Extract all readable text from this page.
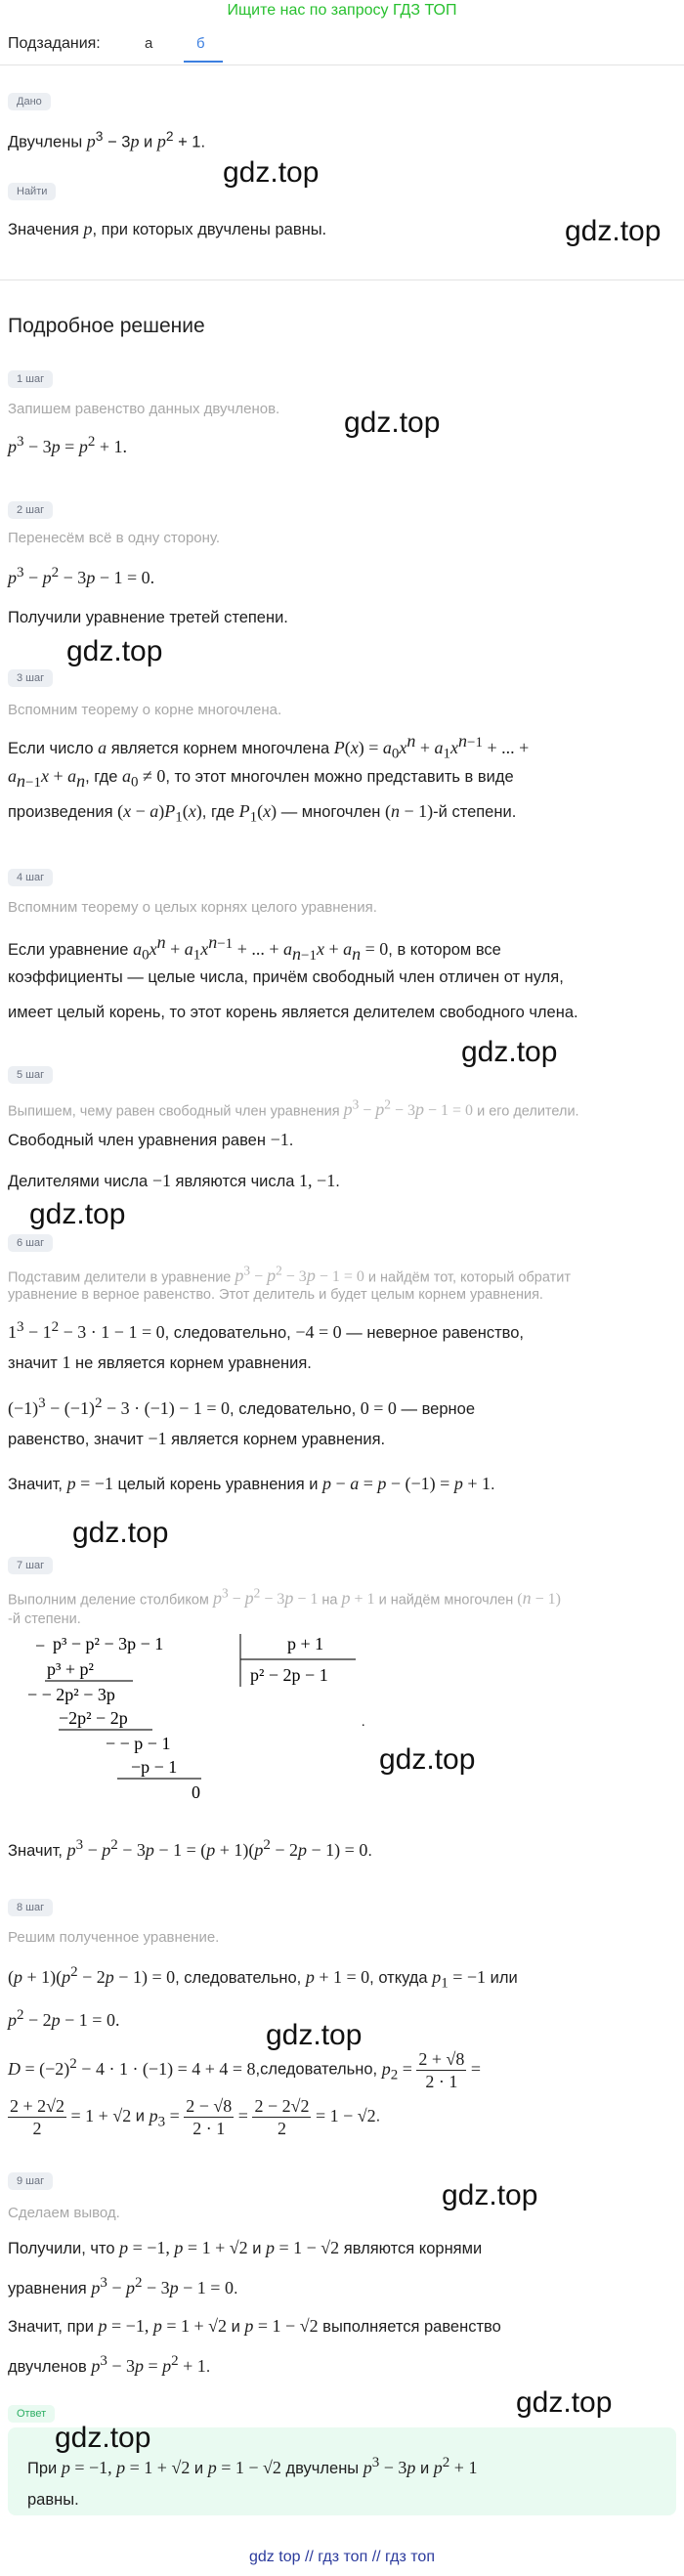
Ищите нас по запросу ГДЗ ТОП
Подзадания:	а	б
Дано
Двучлены $p^3 - 3p$ и $p^2 + 1$.
gdz.top
Найти
Значения p, при которых двучлены равны.	gdz.top
Подробное решение
1 шаг
Запишем равенство данных двучленов. gdz.top
$p^3 - 3p = p^2 + 1$.
2 шаг
Перенесём всё в одну сторону.
$p^3 - p^2 - 3p - 1 = 0$.
Получили уравнение третей степени.
gdz.top
3 шаг
Вспомним теорему о корне многочлена.
Если число a является корнем многочлена $P(x) = a_0x^n + a_1x^{n-1}$ + ... +
$a_{n-1}x + a_n$, где $a_0 \ne 0$, то этот многочлен можно представить в виде
произведения $(x - a)P_1(x)$, где $P_1(x)$ — многочлен (n − 1)-й степени.
4 шаг
Вспомним теорему о целых корнях целого уравнения.
Если уравнение $a_0x^n + a_1x^{n-1}$ + ... + $a_{n-1}x + a_n = 0$, в котором все
коэффициенты — целые числа, причём свободный член отличен от нуля,
имеет целый корень, то этот корень является делителем свободного члена.
gdz.top
5 шаг
Выпишем, чему равен свободный член уравнения $p^3 - p^2 - 3p - 1 = 0$ и его делители.
Свободный член уравнения равен −1.
Делителями числа −1 являются числа 1, −1.
gdz.top
6 шаг
Подставим делители в уравнение $p^3 - p^2 - 3p - 1 = 0$ и найдём тот, который обратит
уравнение в верное равенство. Этот делитель и будет целым корнем уравнения.
$1^3 - 1^2 - 3 \cdot 1 - 1 = 0$, следовательно, −4 = 0 — неверное равенство,
значит 1 не является корнем уравнения.
$(-1)^3 - (-1)^2 - 3 \cdot (-1) - 1 = 0$, следовательно, 0 = 0 — верное
равенство, значит −1 является корнем уравнения.
Значит, p = −1 целый корень уравнения и p − a = p − (−1) = p + 1.
gdz.top
7 шаг
Выполним деление столбиком $p^3 - p^2 - 3p - 1$ на p + 1 и найдём многочлен (n − 1)
-й степени.
− p³ − p² − 3p − 1	p + 1
p² − 2p − 1
p³ + p²
− − 2p² − 3p
−2p² − 2p
− − p − 1
−p − 1
0
.
gdz.top
Значит, $p^3 - p^2 - 3p - 1 = (p + 1)(p^2 - 2p - 1) = 0$.
8 шаг
Решим полученное уравнение.
$(p + 1)(p^2 - 2p - 1) = 0$, следовательно, p + 1 = 0, откуда $p_1 = -1$ или
$p^2 - 2p - 1 = 0$.	gdz.top
$D = (-2)^2 - 4 \cdot 1 \cdot (-1) = 4 + 4$ = 8,следовательно, $p_2 = \frac{2 + √8}{2 \cdot 1}$ =
$\frac{2 + 2√2}{2} = 1 + √2$ и $p_3 = \frac{2 - √8}{2 \cdot 1} = \frac{2 - 2√2}{2} = 1 - √2$.
9 шаг	gdz.top
Сделаем вывод.
Получили, что p = −1, p = 1 + √2 и p = 1 − √2 являются корнями
уравнения $p^3 - p^2 - 3p - 1 = 0$.
Значит, при p = −1, p = 1 + √2 и p = 1 − √2 выполняется равенство
двучленов $p^3 - 3p = p^2 + 1$.
gdz.top
Ответ
gdz.top
При p = −1, p = 1 + √2 и p = 1 − √2 двучлены $p^3 - 3p$ и $p^2 + 1$
равны.
gdz top // гдз топ // гдз топ
